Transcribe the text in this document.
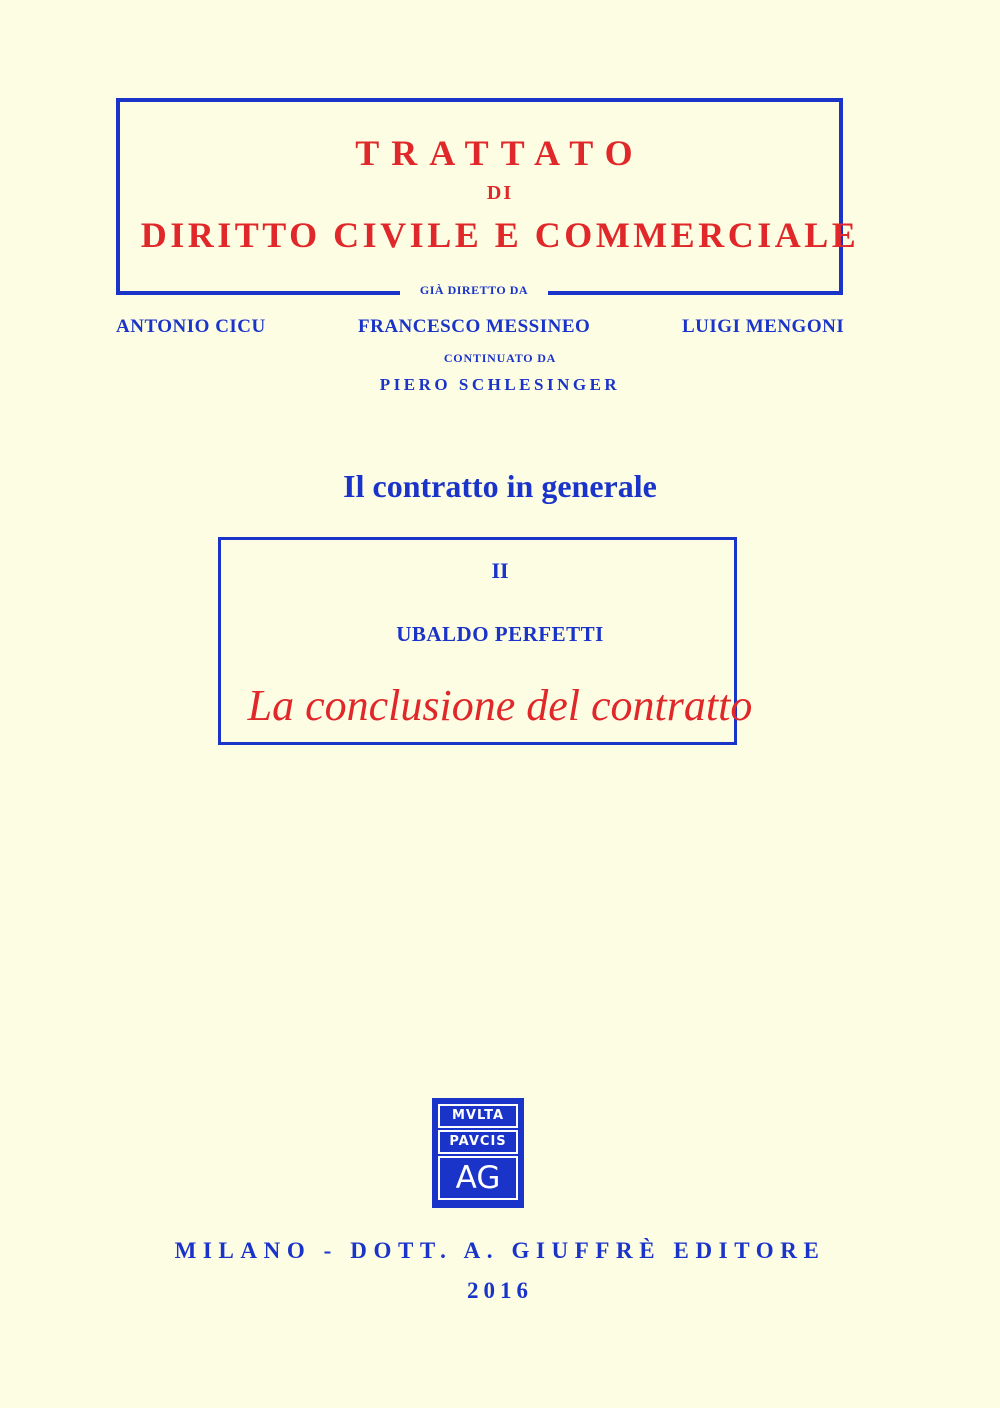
TRATTATO
DI
DIRITTO CIVILE E COMMERCIALE
GIÀ DIRETTO DA
ANTONIO CICU	FRANCESCO MESSINEO	LUIGI MENGONI
CONTINUATO DA
PIERO SCHLESINGER
Il contratto in generale
II
UBALDO PERFETTI
La conclusione del contratto
MVLTA
PAVCIS
AG
MILANO - DOTT. A. GIUFFRÈ EDITORE
2016
